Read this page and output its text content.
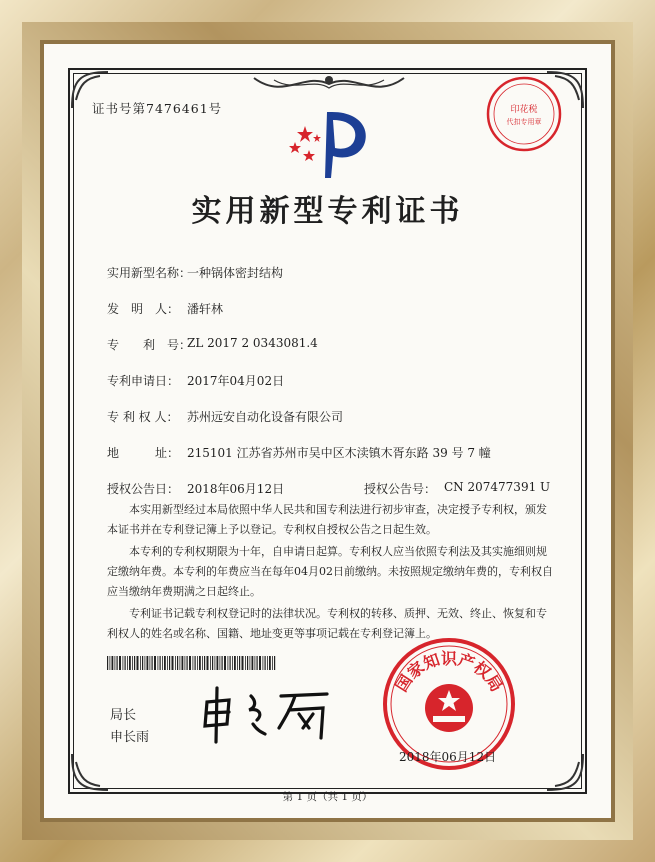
证书号第7476461号	印花税
代扣专用章
实用新型专利证书
实用新型名称：
一种锅体密封结构
发　明　人： 潘轩林
专　　利　号：
ZL 2017 2 0343081.4
专利申请日： 2017年04月02日
专 利 权 人： 苏州远安自动化设备有限公司
地　　　址： 215101 江苏省苏州市吴中区木渎镇木胥东路 39 号 7 幢
授权公告日： 2018年06月12日	授权公告号： CN 207477391 U

本实用新型经过本局依照中华人民共和国专利法进行初步审查，决定授予专利权，颁发本证书并在专利登记簿上予以登记。专利权自授权公告之日起生效。

本专利的专利权期限为十年，自申请日起算。专利权人应当依照专利法及其实施细则规定缴纳年费。本专利的年费应当在每年04月02日前缴纳。未按照规定缴纳年费的，专利权自应当缴纳年费期满之日起终止。

专利证书记载专利权登记时的法律状况。专利权的转移、质押、无效、终止、恢复和专利权人的姓名或名称、国籍、地址变更等事项记载在专利登记簿上。

局长
申长雨
国家知识产权局
2018年06月12日
第 1 页（共 1 页）
